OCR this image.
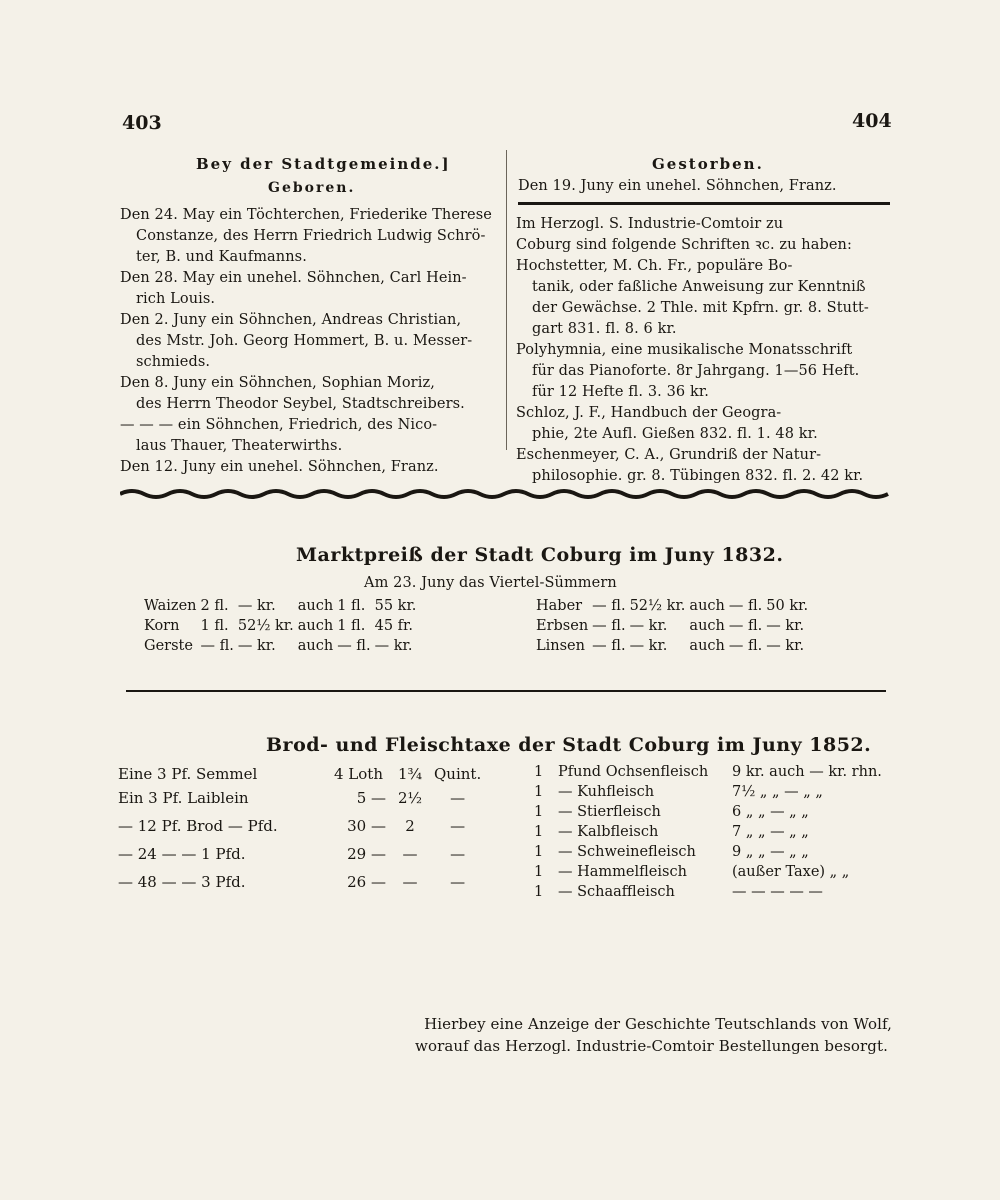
403	404
Bey der Stadtgemeinde.]
Geboren.
Den 24. May ein Töchterchen, Friederike Therese
Constanze, des Herrn Friedrich Ludwig Schrö-
ter, B. und Kaufmanns.
Den 28. May ein unehel. Söhnchen, Carl Hein-
rich Louis.
Den 2. Juny ein Söhnchen, Andreas Christian,
des Mstr. Joh. Georg Hommert, B. u. Messer-
schmieds.
Den 8. Juny ein Söhnchen, Sophian Moriz,
des Herrn Theodor Seybel, Stadtschreibers.
— — — ein Söhnchen, Friedrich, des Nico-
laus Thauer, Theaterwirths.
Den 12. Juny ein unehel. Söhnchen, Franz.
Gestorben.
Den 19. Juny ein unehel. Söhnchen, Franz.
Im Herzogl. S. Industrie-Comtoir zu
Coburg sind folgende Schriften ꝛc. zu haben:
Hochstetter, M. Ch. Fr., populäre Bo-
tanik, oder faßliche Anweisung zur Kenntniß
der Gewächse. 2 Thle. mit Kpfrn. gr. 8. Stutt-
gart 831. fl. 8. 6 kr.
Polyhymnia, eine musikalische Monatsschrift
für das Pianoforte. 8r Jahrgang. 1—56 Heft.
für 12 Hefte fl. 3. 36 kr.
Schloz, J. F., Handbuch der Geogra-
phie, 2te Aufl. Gießen 832. fl. 1. 48 kr.
Eschenmeyer, C. A., Grundriß der Natur-
philosophie. gr. 8. Tübingen 832. fl. 2. 42 kr.
Marktpreiß der Stadt Coburg im Juny 1832.
Am 23. Juny das Viertel-Sümmern
Waizen	2 fl.	— kr.	auch	1 fl.	55 kr.
Korn	1 fl.	52½ kr.	auch	1 fl.	45 fr.
Gerste	— fl.	— kr.	auch	— fl.	— kr.
Haber	— fl.	52½ kr.	auch	— fl.	50 kr.
Erbsen	— fl.	— kr.	auch	— fl.	— kr.
Linsen	— fl.	— kr.	auch	— fl.	— kr.
Brod- und Fleischtaxe der Stadt Coburg im Juny 1852.
Eine 3 Pf. Semmel	4 Loth	1¾	Quint.
Ein 3 Pf. Laiblein	5 —	2½	—
— 12 Pf. Brod — Pfd.	30 —	2	—
— 24 — — 1 Pfd.	29 —	—	—
— 48 — — 3 Pfd.	26 —	—	—
1	Pfund Ochsenfleisch	9 kr. auch — kr. rhn.
1	— Kuhfleisch	7½ „ „ — „ „
1	— Stierfleisch	6 „ „ — „ „
1	— Kalbfleisch	7 „ „ — „ „
1	— Schweinefleisch	9 „ „ — „ „
1	— Hammelfleisch	(außer Taxe) „ „
1	— Schaaffleisch	— — — — —
Hierbey eine Anzeige der Geschichte Teutschlands von Wolf,
worauf das Herzogl. Industrie-Comtoir Bestellungen besorgt.
